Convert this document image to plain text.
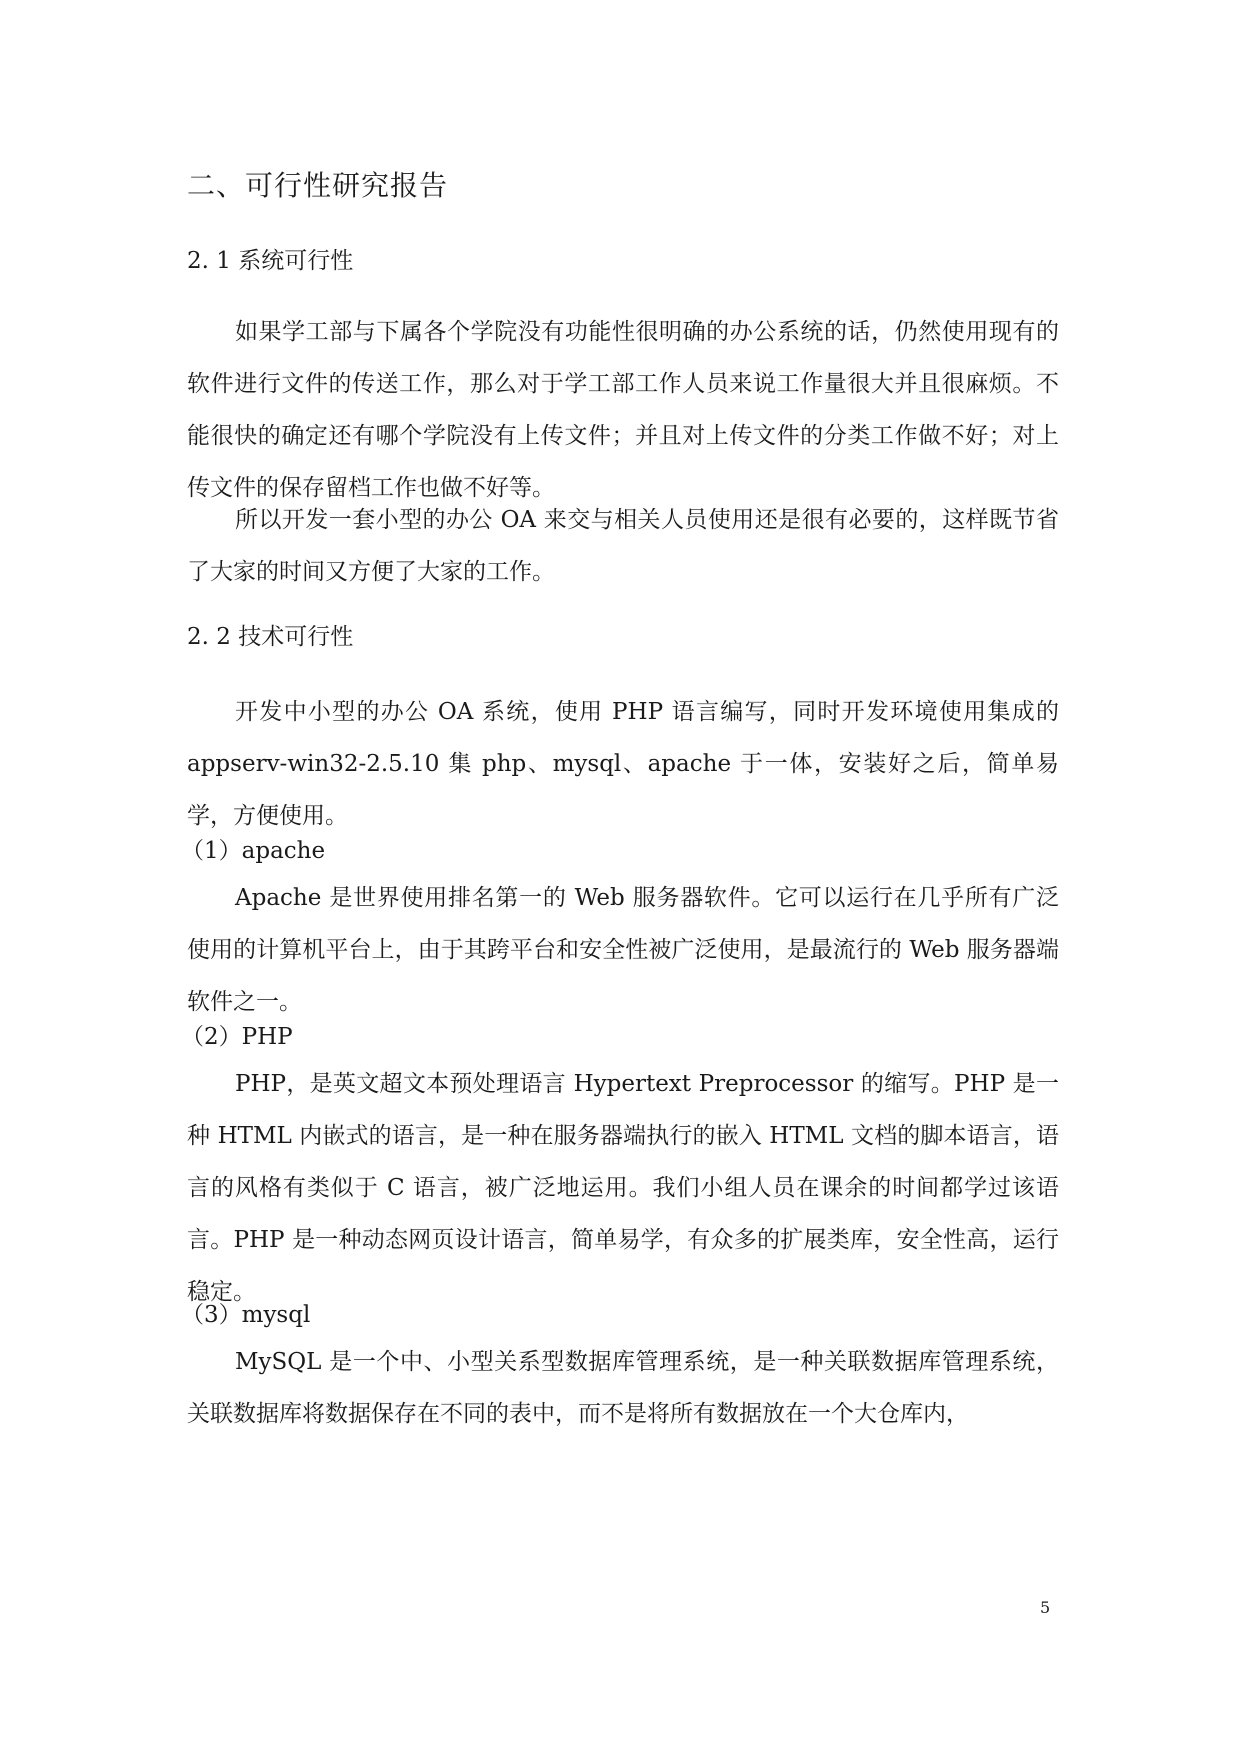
二、可行性研究报告
2. 1 系统可行性

如果学工部与下属各个学院没有功能性很明确的办公系统的话，仍然使用现有的软件进行文件的传送工作，那么对于学工部工作人员来说工作量很大并且很麻烦。不能很快的确定还有哪个学院没有上传文件；并且对上传文件的分类工作做不好；对上传文件的保存留档工作也做不好等。

所以开发一套小型的办公 OA 来交与相关人员使用还是很有必要的，这样既节省了大家的时间又方便了大家的工作。

2. 2 技术可行性

开发中小型的办公 OA 系统，使用 PHP 语言编写，同时开发环境使用集成的 appserv-win32-2.5.10 集 php、mysql、apache 于一体，安装好之后，简单易学，方便使用。

（1）apache

Apache 是世界使用排名第一的 Web 服务器软件。它可以运行在几乎所有广泛使用的计算机平台上，由于其跨平台和安全性被广泛使用，是最流行的 Web 服务器端软件之一。

（2）PHP

PHP，是英文超文本预处理语言 Hypertext Preprocessor 的缩写。PHP 是一种 HTML 内嵌式的语言，是一种在服务器端执行的嵌入 HTML 文档的脚本语言，语言的风格有类似于 C 语言，被广泛地运用。我们小组人员在课余的时间都学过该语言。PHP 是一种动态网页设计语言，简单易学，有众多的扩展类库，安全性高，运行稳定。

（3）mysql

MySQL 是一个中、小型关系型数据库管理系统，是一种关联数据库管理系统，关联数据库将数据保存在不同的表中，而不是将所有数据放在一个大仓库内，

5
